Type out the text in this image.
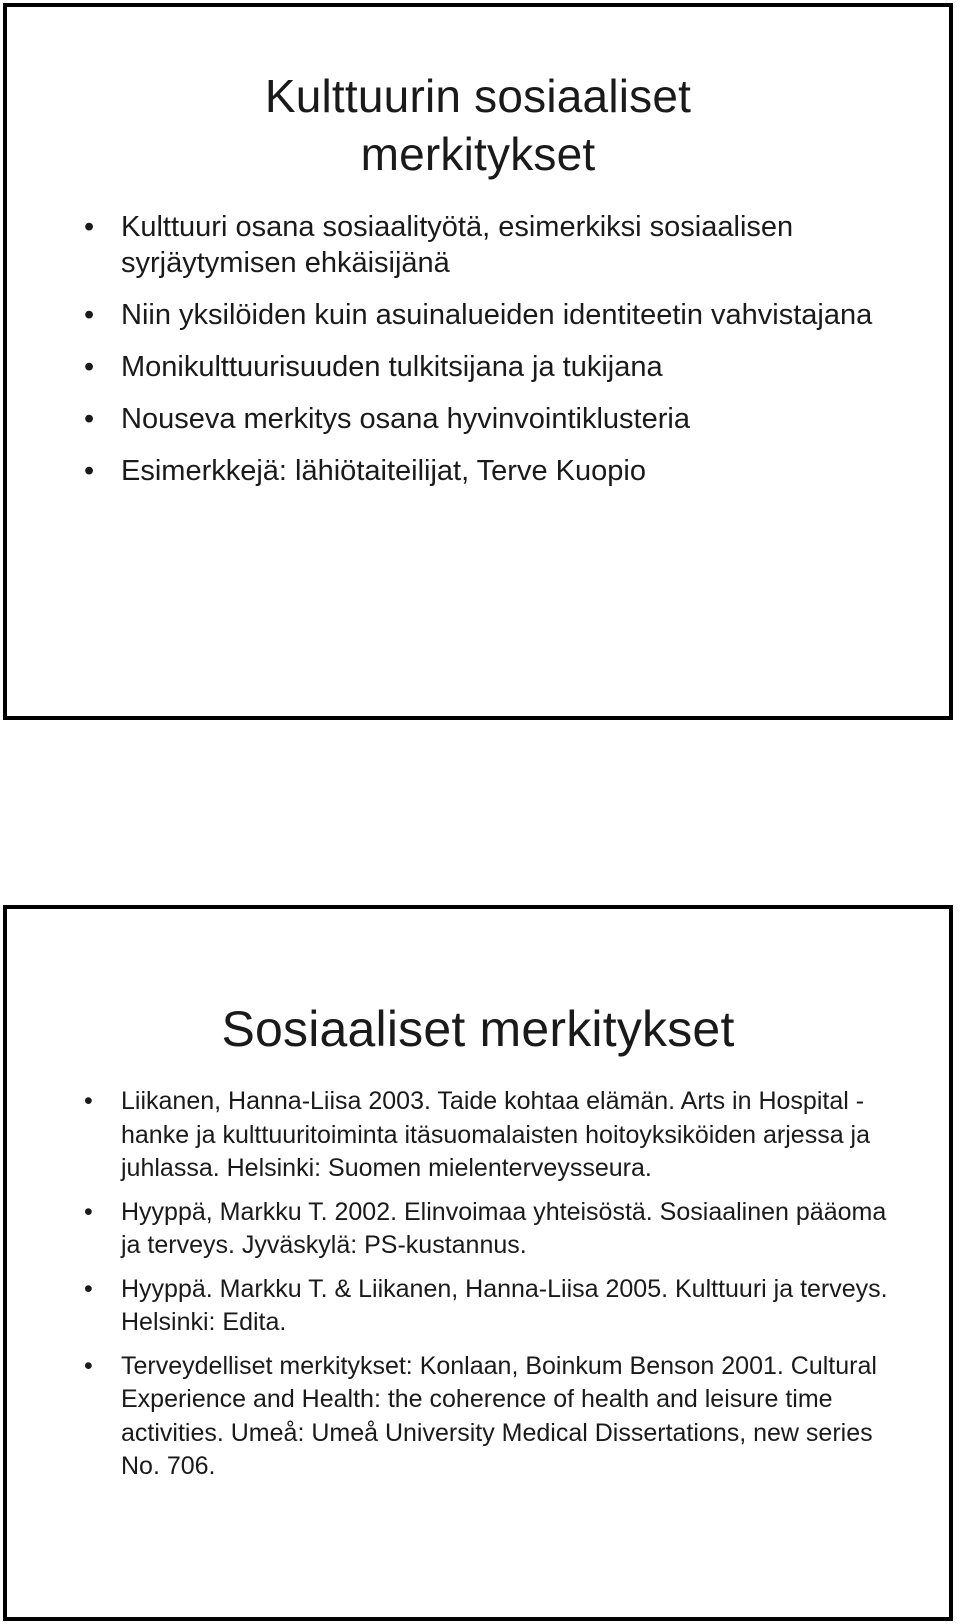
Kulttuurin sosiaaliset
merkitykset
• Kulttuuri osana sosiaalityötä, esimerkiksi sosiaalisen syrjäytymisen ehkäisijänä
• Niin yksilöiden kuin asuinalueiden identiteetin vahvistajana
• Monikulttuurisuuden tulkitsijana ja tukijana
• Nouseva merkitys osana hyvinvointiklusteria
• Esimerkkejä: lähiötaiteilijat, Terve Kuopio
Sosiaaliset merkitykset
• Liikanen, Hanna-Liisa 2003. Taide kohtaa elämän. Arts in Hospital -hanke ja kulttuuritoiminta itäsuomalaisten hoitoyksiköiden arjessa ja juhlassa. Helsinki: Suomen mielenterveysseura.
• Hyyppä, Markku T. 2002. Elinvoimaa yhteisöstä. Sosiaalinen pääoma ja terveys. Jyväskylä: PS-kustannus.
• Hyyppä. Markku T. & Liikanen, Hanna-Liisa 2005. Kulttuuri ja terveys. Helsinki: Edita.
• Terveydelliset merkitykset: Konlaan, Boinkum Benson 2001. Cultural Experience and Health: the coherence of health and leisure time activities. Umeå: Umeå University Medical Dissertations, new series No. 706.
